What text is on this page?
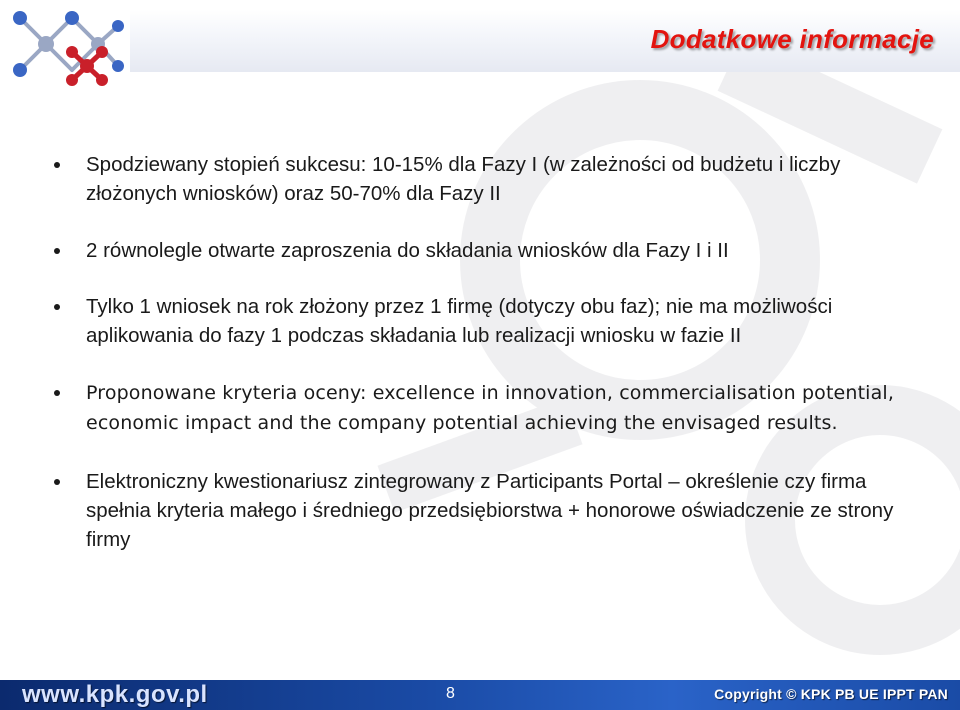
Dodatkowe informacje
Spodziewany stopień sukcesu: 10-15% dla Fazy I (w zależności od budżetu i liczby złożonych wniosków) oraz 50-70% dla Fazy II
2 równolegle otwarte zaproszenia do składania wniosków dla Fazy I i II
Tylko 1 wniosek na rok złożony przez 1 firmę (dotyczy obu faz); nie ma możliwości aplikowania do fazy 1 podczas składania lub realizacji wniosku w fazie II
Proponowane kryteria oceny: excellence in innovation, commercialisation potential, economic impact and the company potential achieving the envisaged results.
Elektroniczny kwestionariusz zintegrowany z Participants Portal – określenie czy firma spełnia kryteria małego i średniego przedsiębiorstwa + honorowe oświadczenie ze strony firmy
www.kpk.gov.pl	8	Copyright © KPK PB UE IPPT PAN
